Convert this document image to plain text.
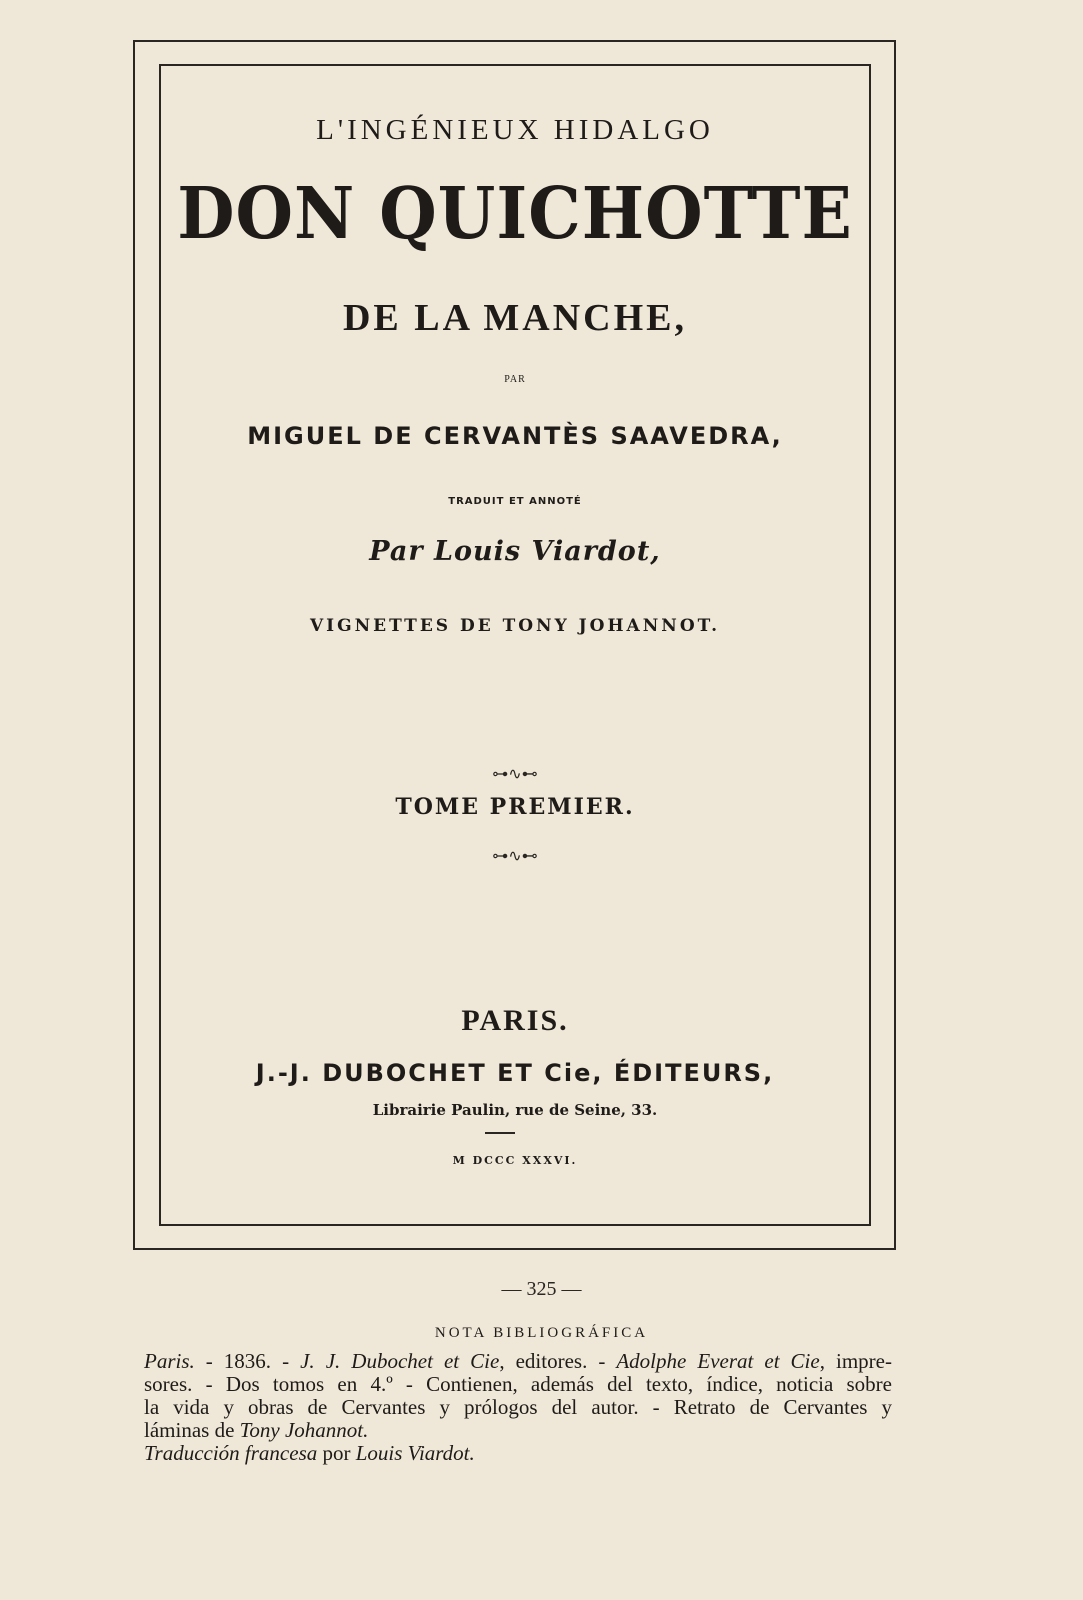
L'INGÉNIEUX HIDALGO
DON QUICHOTTE
DE LA MANCHE,
PAR
MIGUEL DE CERVANTÈS SAAVEDRA,
TRADUIT ET ANNOTÉ
Par Louis Viardot,
VIGNETTES DE TONY JOHANNOT.
⊶∿⊷
TOME PREMIER.
⊶∿⊷
PARIS.
J.-J. DUBOCHET ET Cie, ÉDITEURS,
Librairie Paulin, rue de Seine, 33.
M DCCC XXXVI.
— 325 —
NOTA BIBLIOGRÁFICA
Paris. - 1836. - J. J. Dubochet et Cie, editores. - Adolphe Everat et Cie, impre-
sores. - Dos tomos en 4.º - Contienen, además del texto, índice, noticia sobre
la vida y obras de Cervantes y prólogos del autor. - Retrato de Cervantes y
láminas de Tony Johannot.
Traducción francesa por Louis Viardot.
